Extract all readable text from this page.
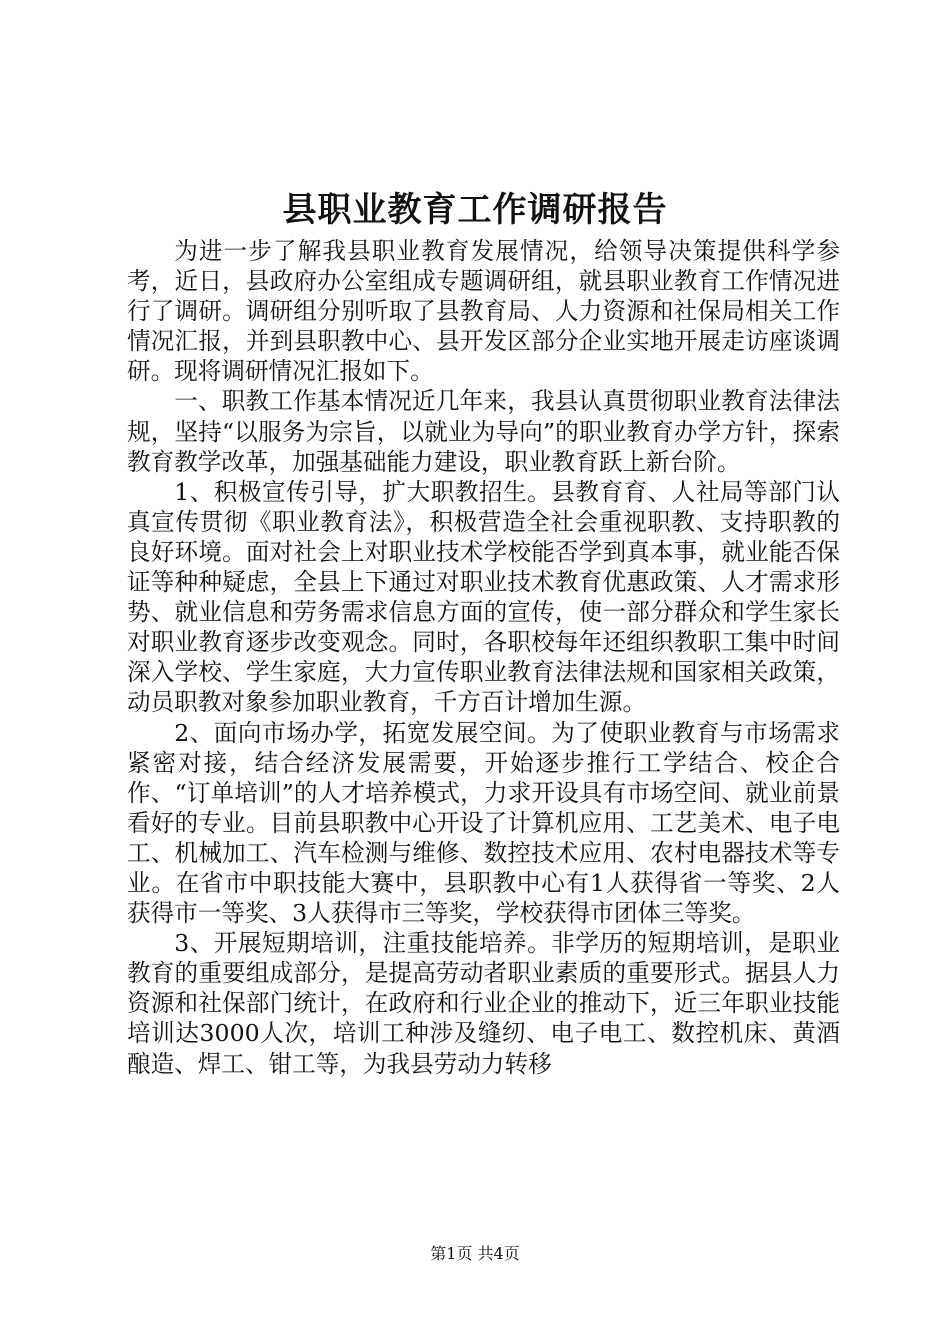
县职业教育工作调研报告

为进一步了解我县职业教育发展情况，给领导决策提供科学参考，近日，县政府办公室组成专题调研组，就县职业教育工作情况进行了调研。调研组分别听取了县教育局、人力资源和社保局相关工作情况汇报，并到县职教中心、县开发区部分企业实地开展走访座谈调研。现将调研情况汇报如下。

一、职教工作基本情况近几年来，我县认真贯彻职业教育法律法规，坚持“以服务为宗旨，以就业为导向”的职业教育办学方针，探索教育教学改革，加强基础能力建设，职业教育跃上新台阶。

1、积极宣传引导，扩大职教招生。县教育育、人社局等部门认真宣传贯彻《职业教育法》，积极营造全社会重视职教、支持职教的良好环境。面对社会上对职业技术学校能否学到真本事，就业能否保证等种种疑虑，全县上下通过对职业技术教育优惠政策、人才需求形势、就业信息和劳务需求信息方面的宣传，使一部分群众和学生家长对职业教育逐步改变观念。同时，各职校每年还组织教职工集中时间深入学校、学生家庭，大力宣传职业教育法律法规和国家相关政策，动员职教对象参加职业教育，千方百计增加生源。

2、面向市场办学，拓宽发展空间。为了使职业教育与市场需求紧密对接，结合经济发展需要，开始逐步推行工学结合、校企合作、“订单培训”的人才培养模式，力求开设具有市场空间、就业前景看好的专业。目前县职教中心开设了计算机应用、工艺美术、电子电工、机械加工、汽车检测与维修、数控技术应用、农村电器技术等专业。在省市中职技能大赛中，县职教中心有1人获得省一等奖、2人获得市一等奖、3人获得市三等奖，学校获得市团体三等奖。

3、开展短期培训，注重技能培养。非学历的短期培训，是职业教育的重要组成部分，是提高劳动者职业素质的重要形式。据县人力资源和社保部门统计，在政府和行业企业的推动下，近三年职业技能培训达3000人次，培训工种涉及缝纫、电子电工、数控机床、黄酒酿造、焊工、钳工等，为我县劳动力转移

第1页 共4页
